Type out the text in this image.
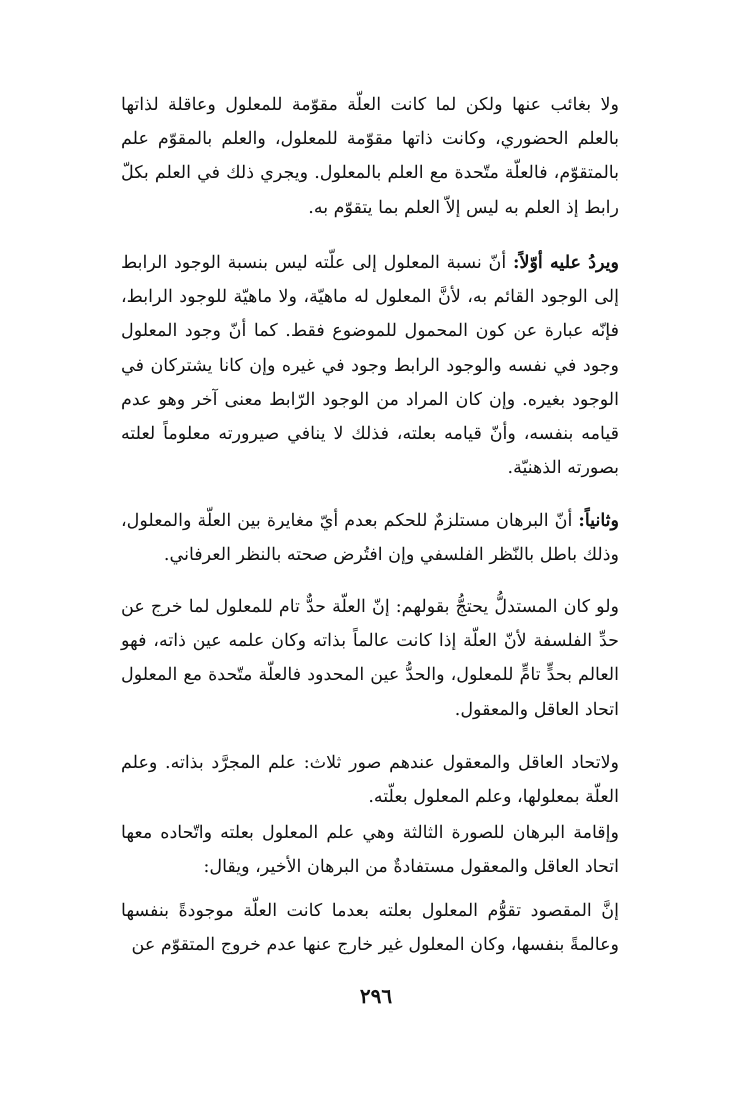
ولا بغائب عنها ولكن لما كانت العلّة مقوّمة للمعلول وعاقلة لذاتها بالعلم الحضوري، وكانت ذاتها مقوّمة للمعلول، والعلم بالمقوّم علم بالمتقوّم، فالعلّة متّحدة مع العلم بالمعلول. ويجري ذلك في العلم بكلّ رابط إذ العلم به ليس إلاّ العلم بما يتقوّم به.

ويردُ عليه أوّلاً: أنّ نسبة المعلول إلى علّته ليس بنسبة الوجود الرابط إلى الوجود القائم به، لأنَّ المعلول له ماهيّة، ولا ماهيّة للوجود الرابط، فإنّه عبارة عن كون المحمول للموضوع فقط. كما أنّ وجود المعلول وجود في نفسه والوجود الرابط وجود في غيره وإن كانا يشتركان في الوجود بغيره. وإن كان المراد من الوجود الرّابط معنى آخر وهو عدم قيامه بنفسه، وأنّ قيامه بعلته، فذلك لا ينافي صيرورته معلوماً لعلته بصورته الذهنيّة.

وثانياً: أنّ البرهان مستلزمٌ للحكم بعدم أيّ مغايرة بين العلّة والمعلول، وذلك باطل بالنّظر الفلسفي وإن افتُرض صحته بالنظر العرفاني.

ولو كان المستدلُّ يحتجُّ بقولهم: إنّ العلّة حدٌّ تام للمعلول لما خرج عن حدِّ الفلسفة لأنّ العلّة إذا كانت عالماً بذاته وكان علمه عين ذاته، فهو العالم بحدٍّ تامٍّ للمعلول، والحدُّ عين المحدود فالعلّة متّحدة مع المعلول اتحاد العاقل والمعقول.

ولاتحاد العاقل والمعقول عندهم صور ثلاث: علم المجرَّد بذاته. وعلم العلّة بمعلولها، وعلم المعلول بعلّته.

وإقامة البرهان للصورة الثالثة وهي علم المعلول بعلته واتّحاده معها اتحاد العاقل والمعقول مستفادةٌ من البرهان الأخير، ويقال:

إنَّ المقصود تقوُّم المعلول بعلته بعدما كانت العلّة موجودةً بنفسها وعالمةً بنفسها، وكان المعلول غير خارج عنها عدم خروج المتقوّم عن

٢٩٦
